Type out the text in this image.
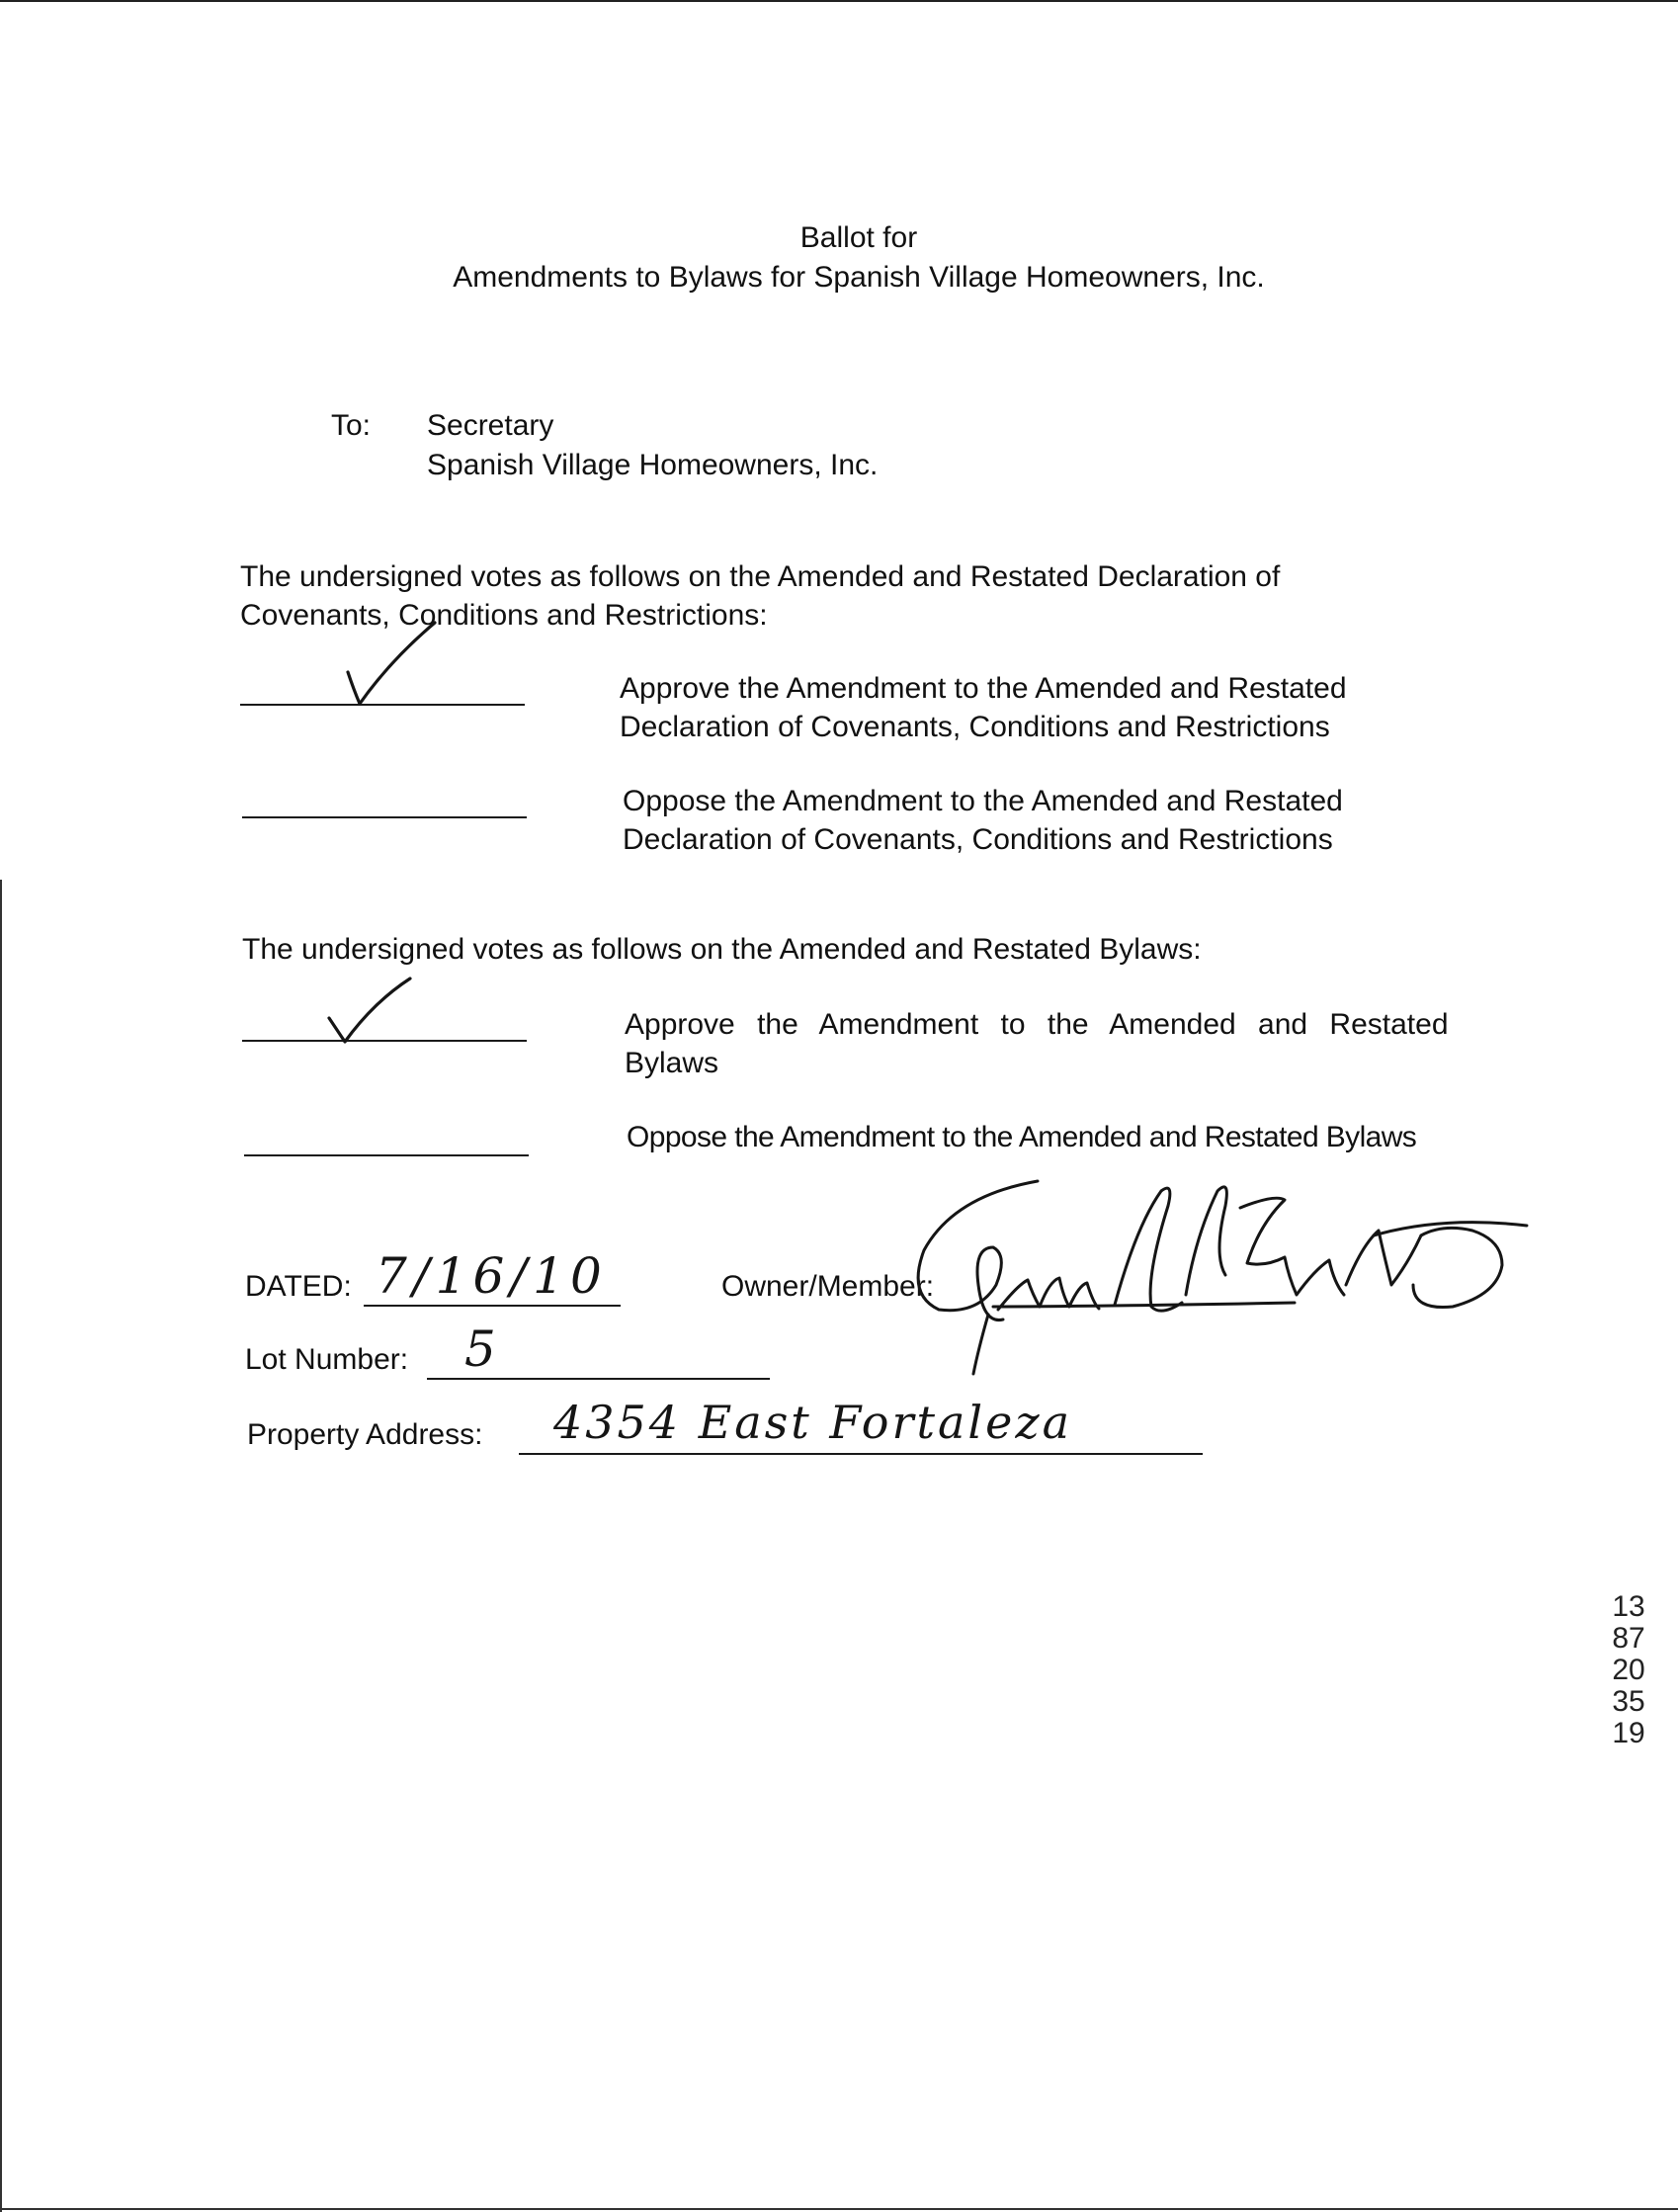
Ballot for
Amendments to Bylaws for Spanish Village Homeowners, Inc.
To: Secretary
Spanish Village Homeowners, Inc.
The undersigned votes as follows on the Amended and Restated Declaration of
Covenants, Conditions and Restrictions:
Approve the Amendment to the Amended and Restated
Declaration of Covenants, Conditions and Restrictions
Oppose the Amendment to the Amended and Restated
Declaration of Covenants, Conditions and Restrictions
The undersigned votes as follows on the Amended and Restated Bylaws:
Approve the Amendment to the Amended and Restated
Bylaws
Oppose the Amendment to the Amended and Restated Bylaws
DATED: 7/16/10	Owner/Member:
Lot Number: 5
Property Address: 4354 East Fortaleza
1387203519
